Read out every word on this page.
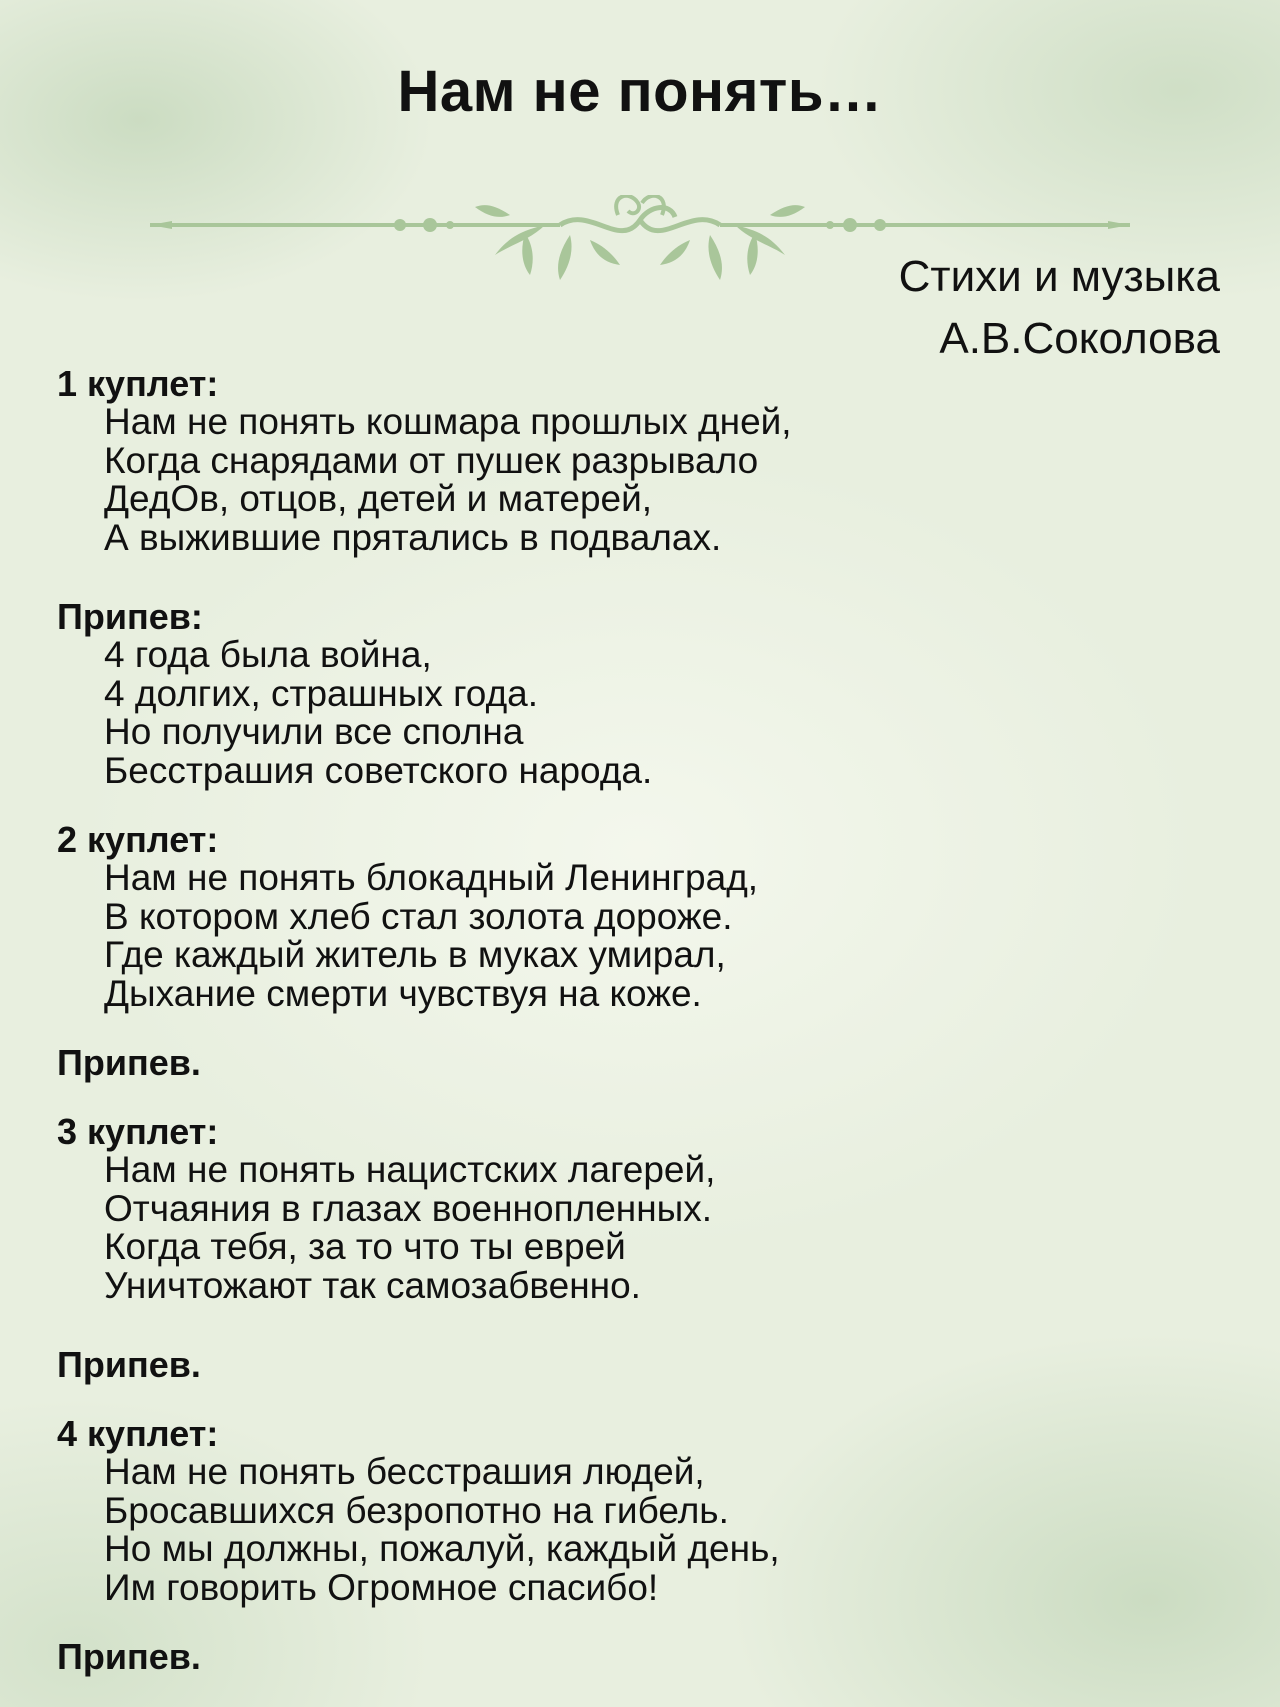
Нам не понять…
Стихи и музыка
А.В.Соколова
1 куплет:
Нам не понять кошмара прошлых дней,
Когда снарядами от пушек разрывало
ДедОв, отцов, детей и матерей,
А выжившие прятались в подвалах.
Припев:
4 года была война,
4 долгих, страшных года.
Но получили все сполна
Бесстрашия советского народа.
2 куплет:
Нам не понять блокадный Ленинград,
В котором хлеб стал золота дороже.
Где каждый житель в муках умирал,
Дыхание смерти чувствуя на коже.
Припев.
3 куплет:
Нам не понять нацистских лагерей,
Отчаяния в глазах военнопленных.
Когда тебя, за то что ты еврей
Уничтожают так самозабвенно.
Припев.
4 куплет:
Нам не понять бесстрашия людей,
Бросавшихся безропотно на гибель.
Но мы должны, пожалуй, каждый день,
Им говорить Огромное спасибо!
Припев.
